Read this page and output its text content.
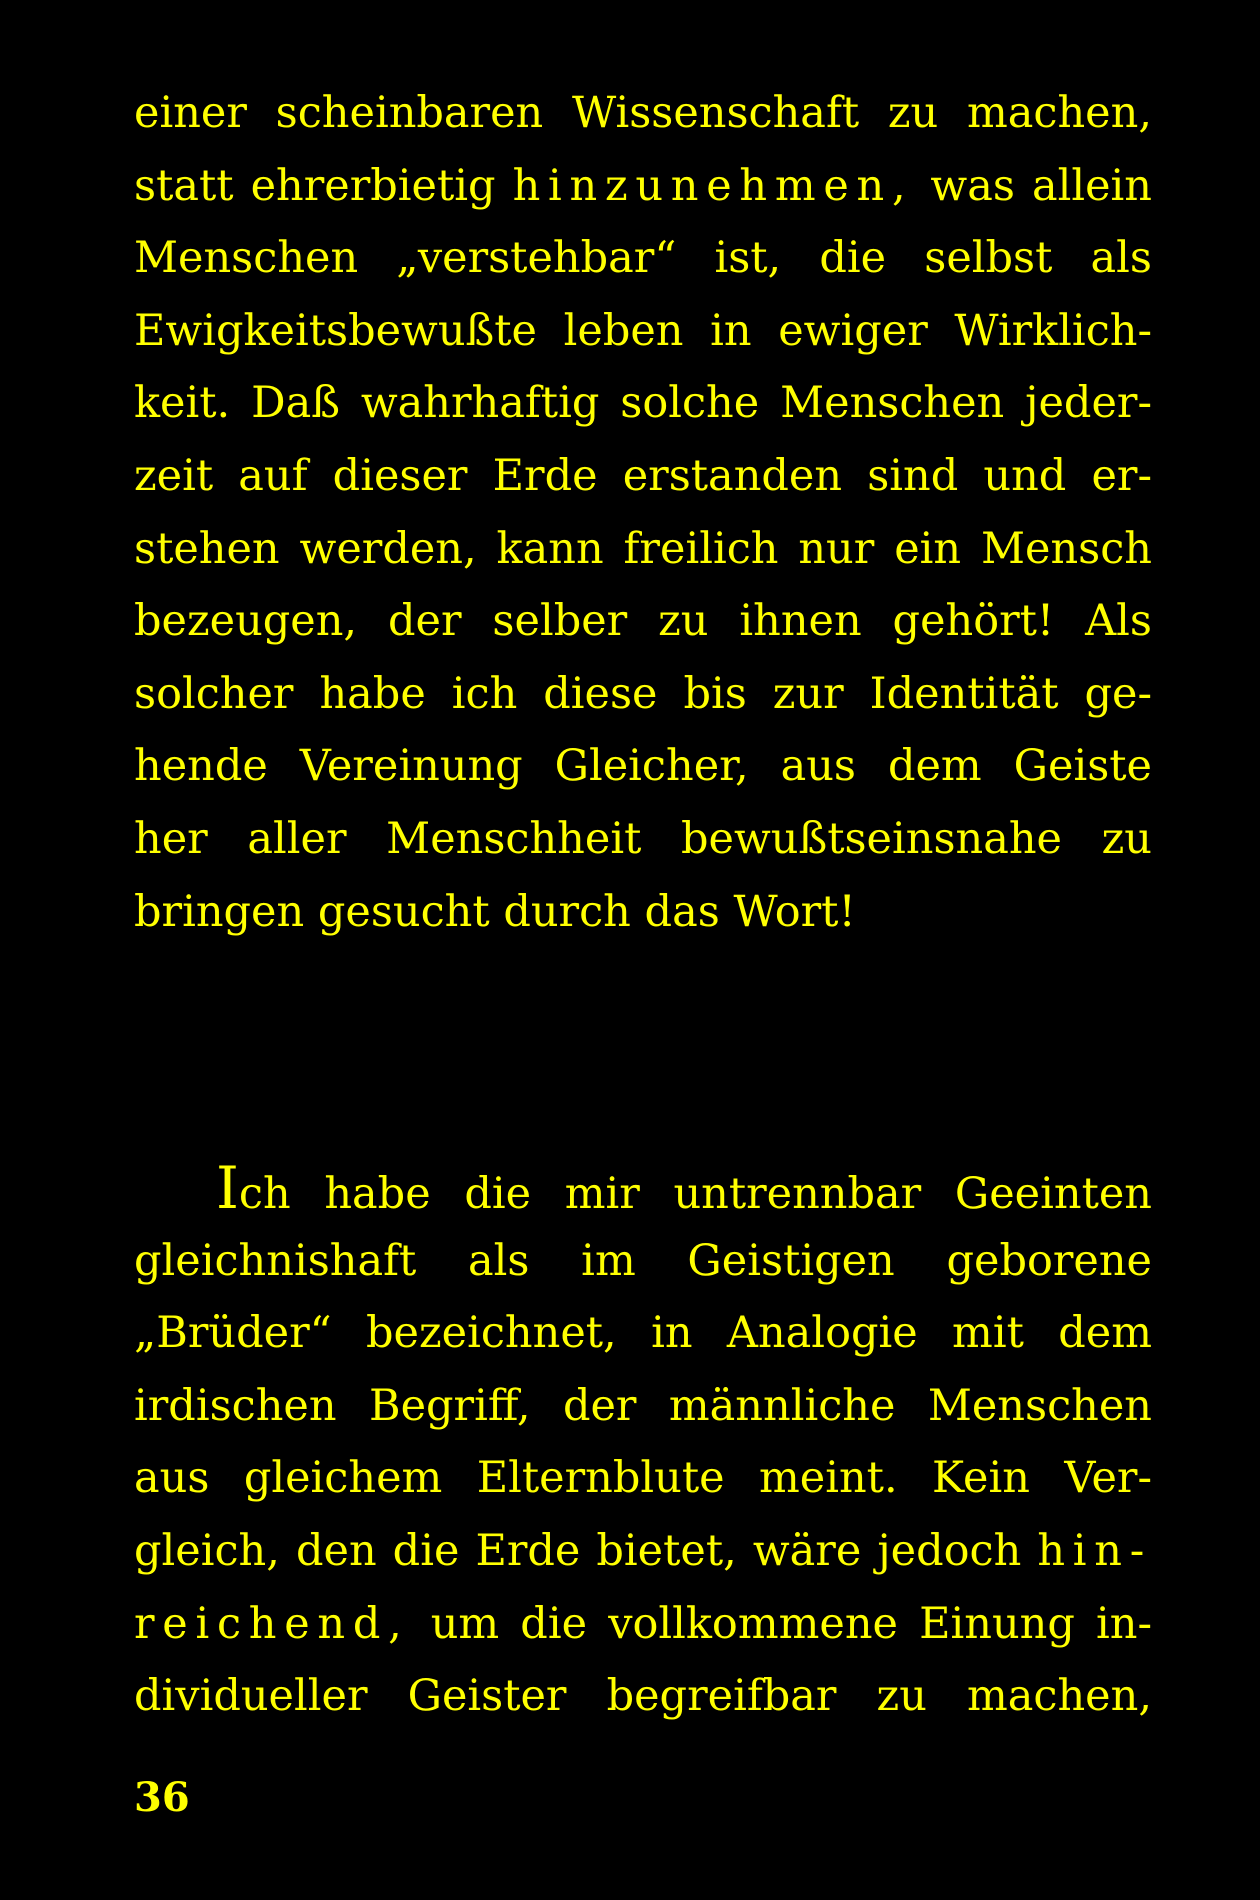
einer scheinbaren Wissenschaft zu machen,
statt ehrerbietig hinzunehmen, was allein
Menschen „verstehbar“ ist, die selbst als
Ewigkeitsbewußte leben in ewiger Wirklich-
keit. Daß wahrhaftig solche Menschen jeder-
zeit auf dieser Erde erstanden sind und er-
stehen werden, kann freilich nur ein Mensch
bezeugen, der selber zu ihnen gehört! Als
solcher habe ich diese bis zur Identität ge-
hende Vereinung Gleicher, aus dem Geiste
her aller Menschheit bewußtseinsnahe zu
bringen gesucht durch das Wort!
Ich habe die mir untrennbar Geeinten
gleichnishaft als im Geistigen geborene
„Brüder“ bezeichnet, in Analogie mit dem
irdischen Begriff, der männliche Menschen
aus gleichem Elternblute meint. Kein Ver-
gleich, den die Erde bietet, wäre jedoch hin-
reichend, um die vollkommene Einung in-
dividueller Geister begreifbar zu machen,
36
